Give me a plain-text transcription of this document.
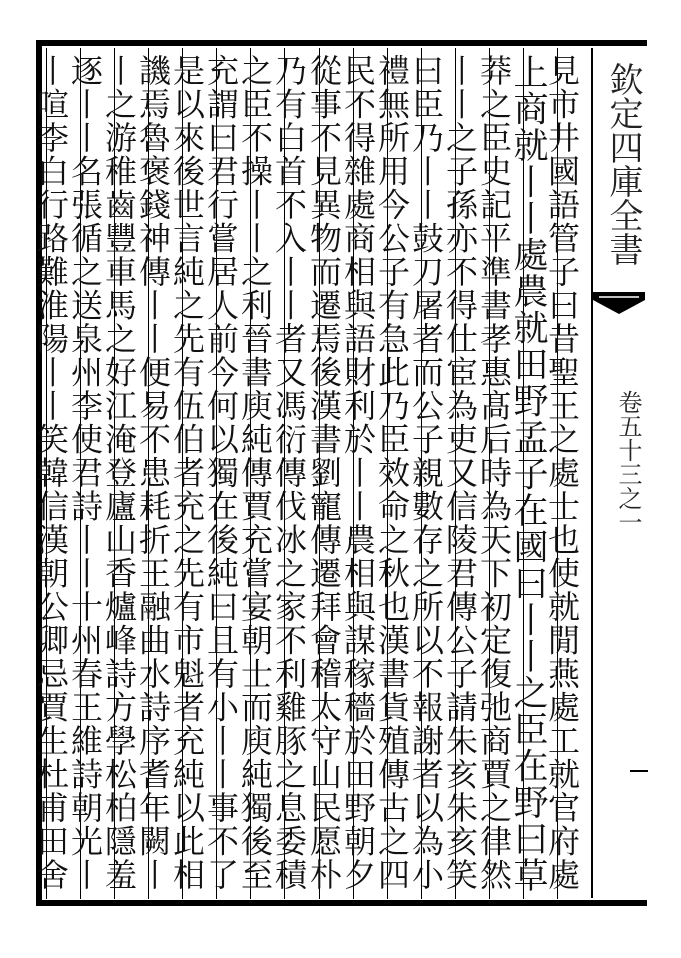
見市井國語管子曰昔聖王之處士也使就閒燕處工就官府處
上商就丨丨處農就田野孟子在國曰丨丨之臣在野曰草
莽之臣史記平準書孝惠髙后時為天下初定復弛商賈之律然
丨丨之子孫亦不得仕宦為吏又信陵君傳公子請朱亥朱亥笑
曰臣乃丨丨鼓刀屠者而公子親數存之所以不報謝者以為小
禮無所用今公子有急此乃臣效命之秋也漢書貨殖傳古之四
民不得雜處商相與語財利於丨丨農相與謀稼穡於田野朝夕
從事不見異物而遷焉後漢書劉寵傳遷拜會稽太守山民愿朴
乃有白首不入丨丨者又馮衍傳伐冰之家不利雞豚之息委積
之臣不操丨丨之利晉書庾純傳賈充嘗宴朝士而庾純獨後至
充謂曰君行嘗居人前今何以獨在後純曰且有小丨丨事不了
是以來後世言純之先有伍伯者充之先有市魁者充純以此相
譏焉魯褒錢神傳丨丨便易不患耗折王融曲水詩序耆年闕丨
丨之游稚齒豐車馬之好江淹登廬山香爐峰詩方學松柏隱羞
逐丨丨名張循之送泉州李使君詩丨丨十州春王維詩朝光丨
丨喧李白行路難淮陽丨丨笑韓信漢朝公卿忌賈生杜甫田舍	欽定四庫全書
卷五十三之一
